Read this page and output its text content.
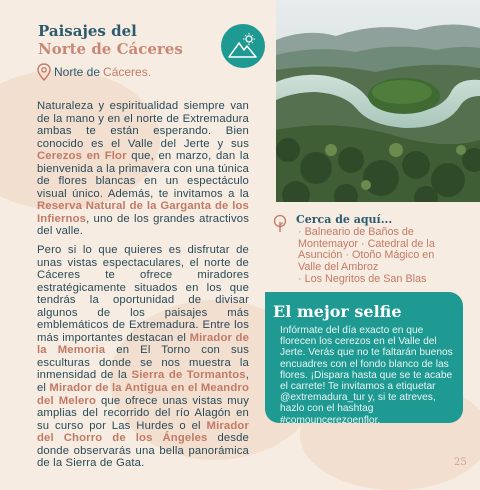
Paisajes del
Norte de Cáceres
Norte de Cáceres.

Naturaleza y espiritualidad siempre van de la mano y en el norte de Extremadura ambas te están esperando. Bien conocido es el Valle del Jerte y sus Cerezos en Flor que, en marzo, dan la bienvenida a la primavera con una túnica de flores blancas en un espectáculo visual único. Además, te invitamos a la Reserva Natural de la Garganta de los Infiernos, uno de los grandes atractivos del valle.

Pero si lo que quieres es disfrutar de unas vistas espectaculares, el norte de Cáceres te ofrece miradores estratégicamente situados en los que tendrás la oportunidad de divisar algunos de los paisajes más emblemáticos de Extremadura. Entre los más importantes destacan el Mirador de la Memoria en El Torno con sus esculturas donde se nos muestra la inmensidad de la Sierra de Tormantos, el Mirador de la Antigua en el Meandro del Melero que ofrece unas vistas muy amplias del recorrido del río Alagón en su curso por Las Hurdes o el Mirador del Chorro de los Ángeles desde donde observarás una bella panorámica de la Sierra de Gata.

Cerca de aquí...
· Balneario de Baños de Montemayor · Catedral de la Asunción · Otoño Mágico en Valle del Ambroz
· Los Negritos de San Blas
El mejor selfie

Infórmate del día exacto en que florecen los cerezos en el Valle del Jerte. Verás que no te faltarán buenos encuadres con el fondo blanco de las flores. ¡Dispara hasta que se te acabe el carrete! Te invitamos a etiquetar @extremadura_tur y, si te atreves, hazlo con el hashtag #comouncerezoenflor.

25
